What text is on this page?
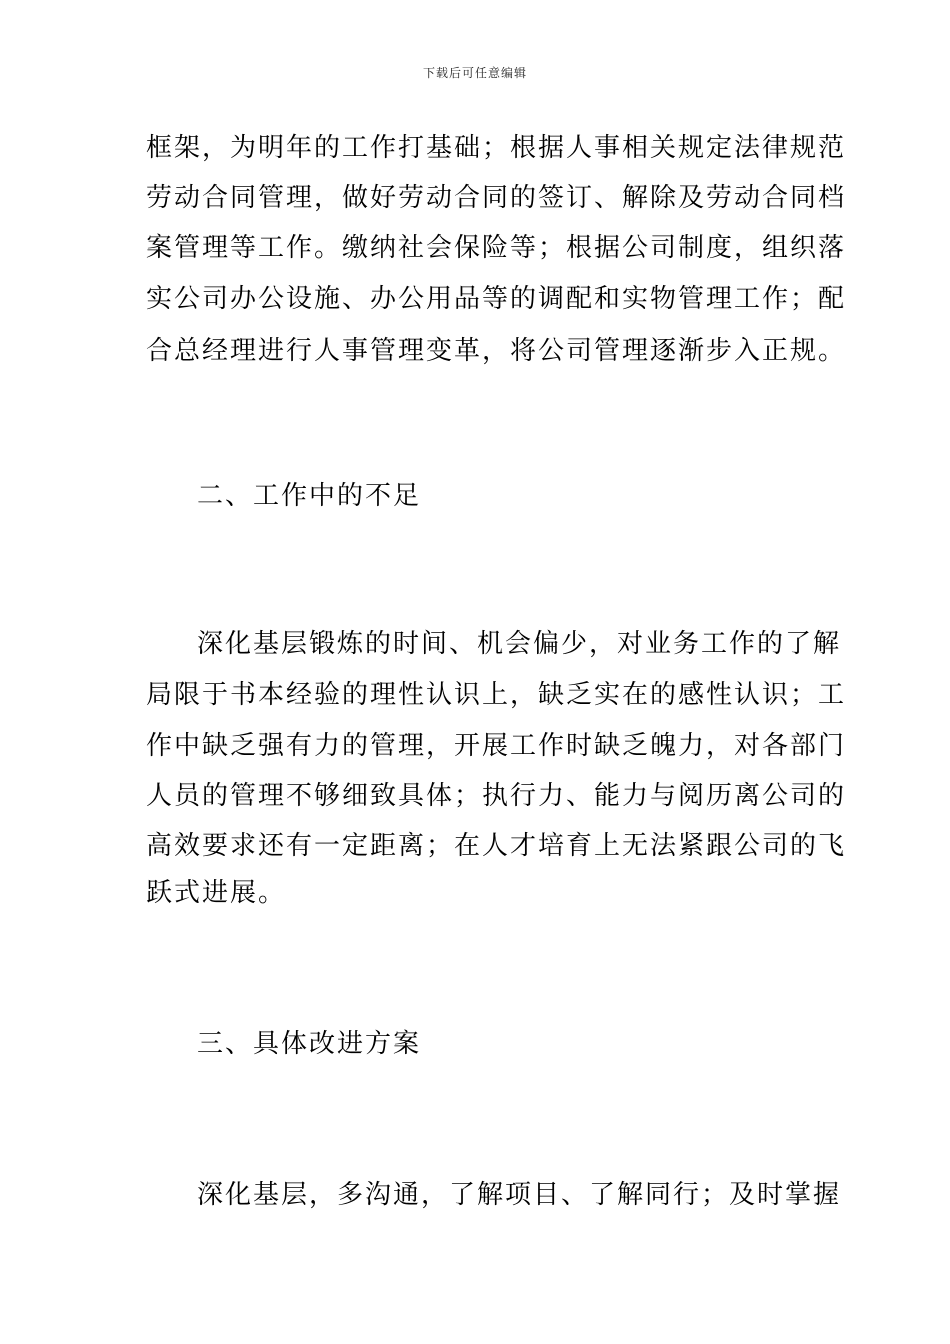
下载后可任意编辑
框架，为明年的工作打基础；根据人事相关规定法律规范
劳动合同管理，做好劳动合同的签订、解除及劳动合同档
案管理等工作。缴纳社会保险等；根据公司制度，组织落
实公司办公设施、办公用品等的调配和实物管理工作；配
合总经理进行人事管理变革，将公司管理逐渐步入正规。
二、工作中的不足
深化基层锻炼的时间、机会偏少，对业务工作的了解
局限于书本经验的理性认识上，缺乏实在的感性认识；工
作中缺乏强有力的管理，开展工作时缺乏魄力，对各部门
人员的管理不够细致具体；执行力、能力与阅历离公司的
高效要求还有一定距离；在人才培育上无法紧跟公司的飞
跃式进展。
三、具体改进方案
深化基层，多沟通，了解项目、了解同行；及时掌握
